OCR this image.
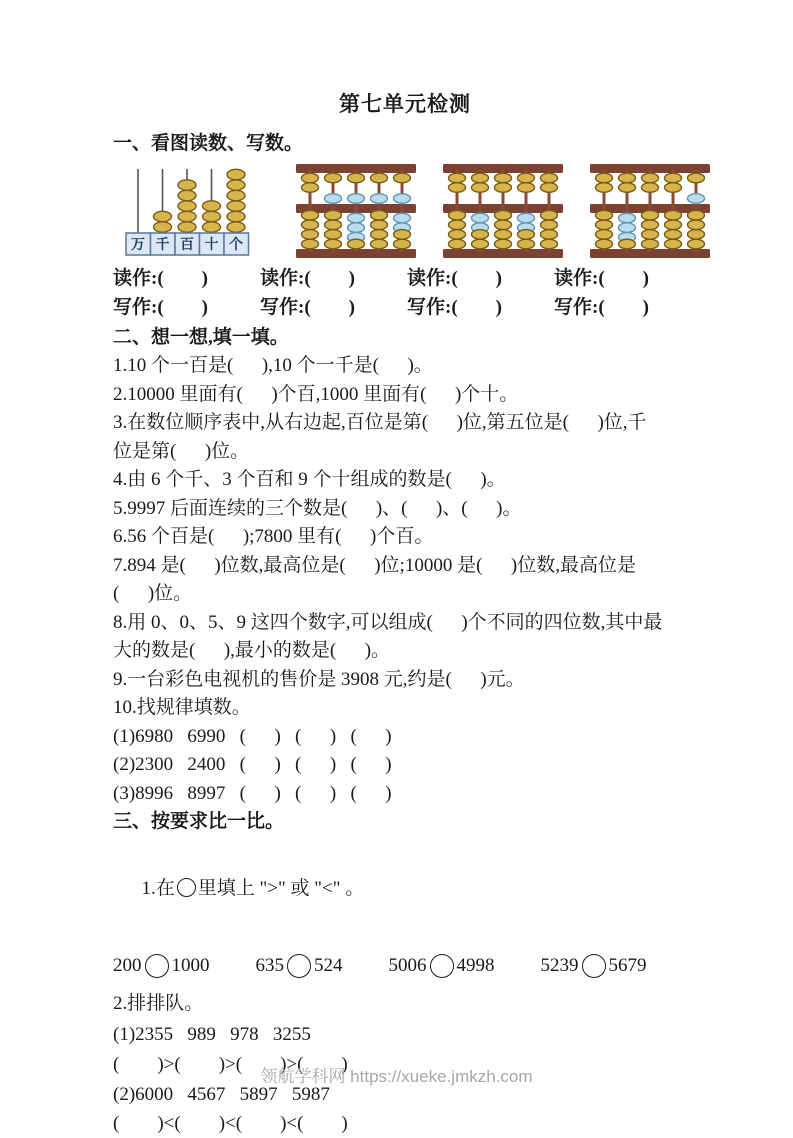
第七单元检测
一、看图读数、写数。
万 千 百 十 个
读作:(        )
写作:(        )
读作:(        )
写作:(        )
读作:(        )
写作:(        )
读作:(        )
写作:(        )
二、想一想,填一填。
1.10 个一百是(      ),10 个一千是(      )。
2.10000 里面有(      )个百,1000 里面有(      )个十。
3.在数位顺序表中,从右边起,百位是第(      )位,第五位是(      )位,千
位是第(      )位。
4.由 6 个千、3 个百和 9 个十组成的数是(      )。
5.9997 后面连续的三个数是(      )、(      )、(      )。
6.56 个百是(      );7800 里有(      )个百。
7.894 是(      )位数,最高位是(      )位;10000 是(      )位数,最高位是
(      )位。
8.用 0、0、5、9 这四个数字,可以组成(      )个不同的四位数,其中最
大的数是(      ),最小的数是(      )。
9.一台彩色电视机的售价是 3908 元,约是(      )元。
10.找规律填数。
(1)6980   6990   (      )   (      )   (      )
(2)2300   2400   (      )   (      )   (      )
(3)8996   8997   (      )   (      )   (      )
三、按要求比一比。

1.在 里填上 ">" 或 "<" 。

200 1000 635 524 5006 4998 5239 5679
2.排排队。
(1)2355   989   978   3255
(        )>(        )>(        )>(        )
(2)6000   4567   5897   5987
(        )<(        )<(        )<(        )
领航学科网 https://xueke.jmkzh.com
